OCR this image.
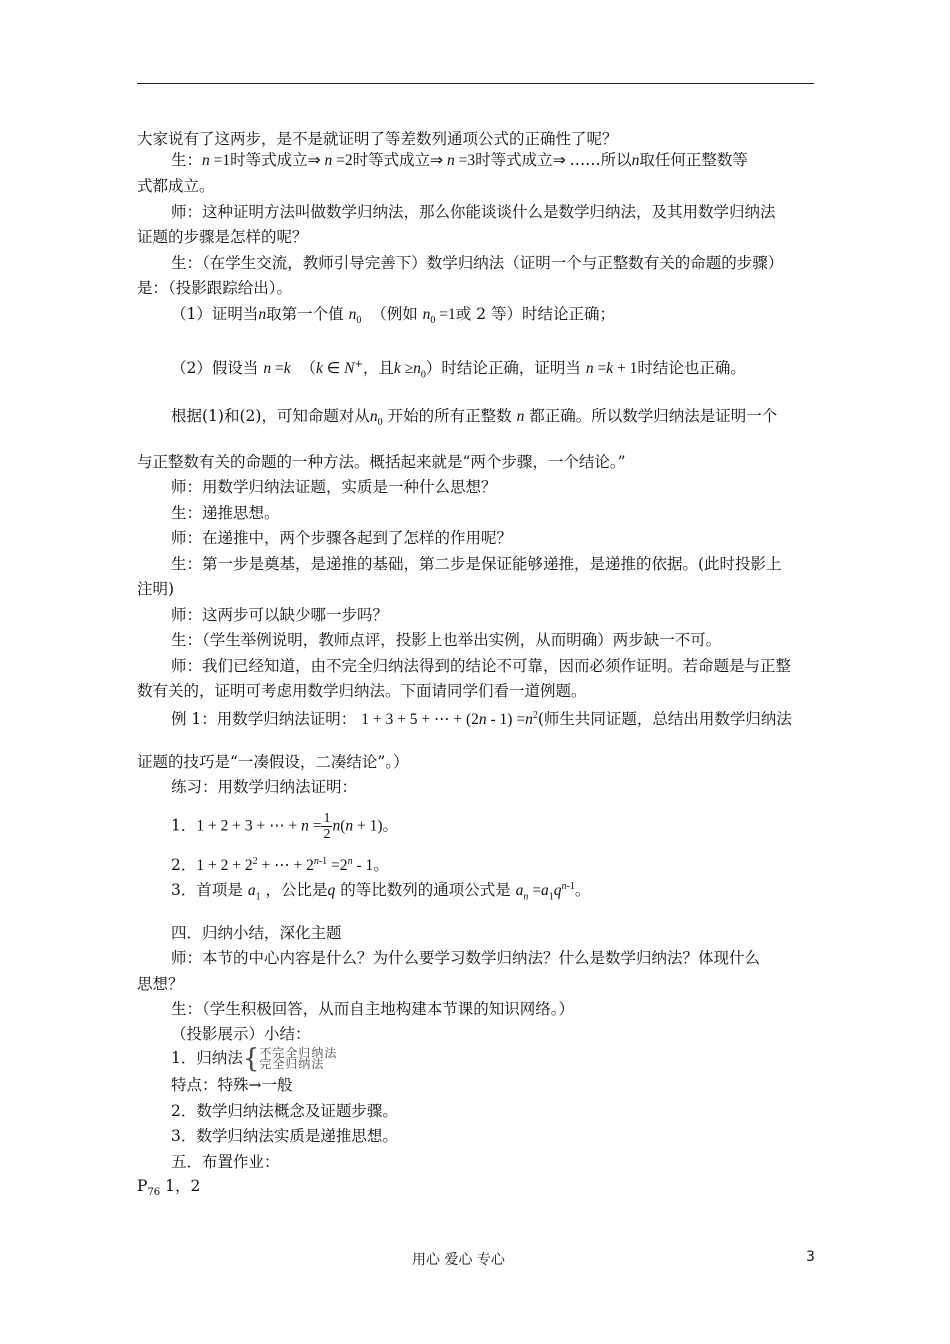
大家说有了这两步，是不是就证明了等差数列通项公式的正确性了呢？
生：n =1时等式成立⇒ n =2时等式成立⇒ n =3时等式成立⇒ ……所以n取任何正整数等
式都成立。
师：这种证明方法叫做数学归纳法，那么你能谈谈什么是数学归纳法，及其用数学归纳法
证题的步骤是怎样的呢？
生：（在学生交流，教师引导完善下）数学归纳法（证明一个与正整数有关的命题的步骤）
是：（投影跟踪给出）。
（1）证明当n取第一个值 $n_0$ （例如 $n_0 =1$或 2 等）时结论正确；
（2）假设当 n =k （k ∈ N+，且$k \ge n_0$）时结论正确，证明当 n =k + 1时结论也正确。
根据(1)和(2)，可知命题对从$n_0$ 开始的所有正整数 n 都正确。所以数学归纳法是证明一个
与正整数有关的命题的一种方法。概括起来就是“两个步骤，一个结论。”
师：用数学归纳法证题，实质是一种什么思想？
生：递推思想。
师：在递推中，两个步骤各起到了怎样的作用呢？
生：第一步是奠基，是递推的基础，第二步是保证能够递推，是递推的依据。(此时投影上
注明)
师：这两步可以缺少哪一步吗？
生：（学生举例说明，教师点评，投影上也举出实例，从而明确）两步缺一不可。
师：我们已经知道，由不完全归纳法得到的结论不可靠，因而必须作证明。若命题是与正整
数有关的，证明可考虑用数学归纳法。下面请同学们看一道例题。
例 1：用数学归纳法证明： 1 + 3 + 5 + ⋯ + $(2n - 1) =n^2$(师生共同证题，总结出用数学归纳法
证题的技巧是“一凑假设，二凑结论”。）
练习：用数学归纳法证明：
1．1 + 2 + 3 + ⋯ + $n = \frac{1}{2} n(n + 1)$。
2．$1 + 2 + 2^2$ + ⋯ + $2^{n-1} =2^n - 1$。
3．首项是 $a_1$ ，公比是q 的等比数列的通项公式是 $a_n =a_1q^{n-1}$。
四．归纳小结，深化主题
师：本节的中心内容是什么？为什么要学习数学归纳法？什么是数学归纳法？体现什么
思想？
生：（学生积极回答，从而自主地构建本节课的知识网络。）
（投影展示）小结：
1．归纳法{ 不完全归纳法
完全归纳法
特点：特殊→一般
2．数学归纳法概念及证题步骤。
3．数学归纳法实质是递推思想。
五．布置作业：
$P_{76}$ 1，2
用心 爱心 专心	3
